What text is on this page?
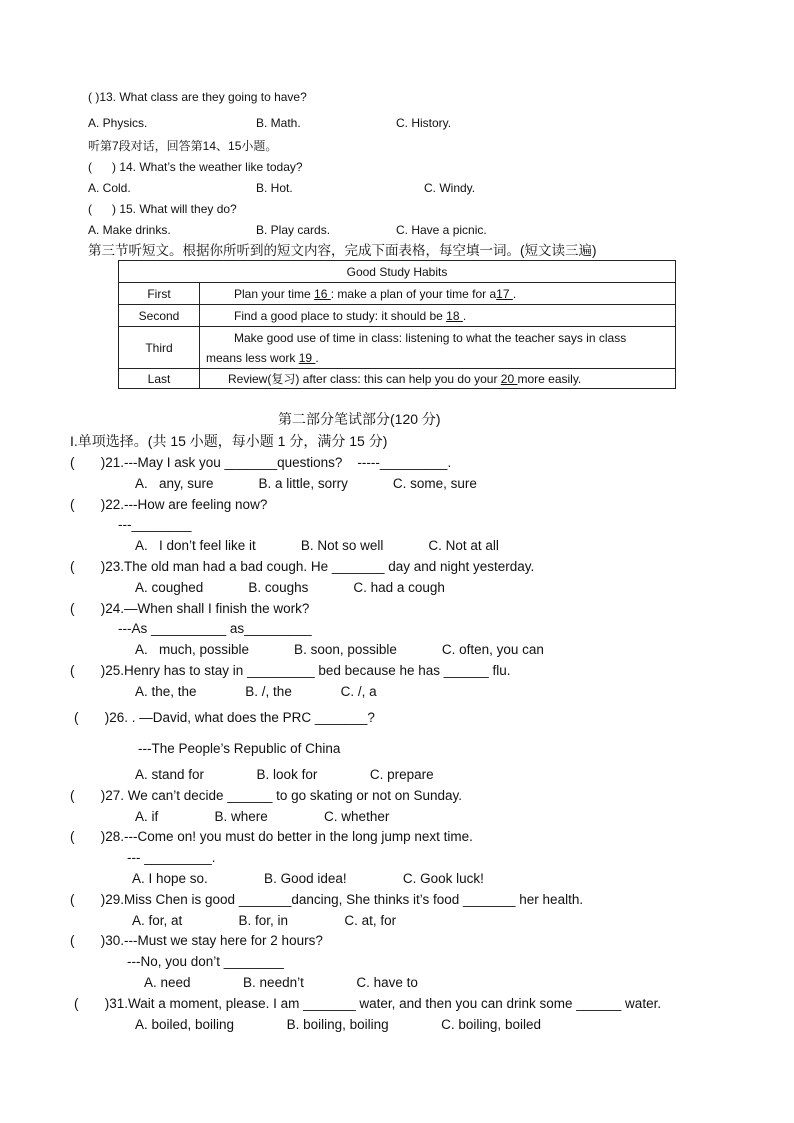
( )13. What class are they going to have?
A. Physics.	B. Math.	C. History.
听第7段对话，回答第14、15小题。
(      ) 14. What’s the weather like today?
A. Cold.	B. Hot.	C. Windy.
(      ) 15. What will they do?
A. Make drinks.	B. Play cards.	C. Have a picnic.
第三节听短文。根据你所听到的短文内容，完成下面表格，每空填一词。(短文读三遍)
Good Study Habits	
First	Plan your time 16 : make a plan of your time for a17 .
Second	Find a good place to study: it should be 18 .
Third	Make good use of time in class: listening to what the teacher says in class
means less work 19 .

Last	Review(复习) after class: this can help you do your 20 more easily.
第二部分笔试部分(120 分)
I.单项选择。(共 15 小题，每小题 1 分，满分 15 分)
(       )21.---May I ask you _______questions?    -----_________.
A.   any, sure            B. a little, sorry            C. some, sure
(       )22.---How are feeling now?
---________
A.   I don’t feel like it            B. Not so well            C. Not at all
(       )23.The old man had a bad cough. He _______ day and night yesterday.
A. coughed            B. coughs            C. had a cough
(       )24.—When shall I finish the work?
---As __________ as_________
A.   much, possible            B. soon, possible            C. often, you can
(       )25.Henry has to stay in _________ bed because he has ______ flu.
A. the, the             B. /, the             C. /, a
(       )26. . —David, what does the PRC _______?
---The People’s Republic of China
A. stand for              B. look for              C. prepare
(       )27. We can’t decide ______ to go skating or not on Sunday.
A. if               B. where               C. whether
(       )28.---Come on! you must do better in the long jump next time.
--- _________.
A. I hope so.               B. Good idea!               C. Gook luck!
(       )29.Miss Chen is good _______dancing, She thinks it’s food _______ her health.
A. for, at               B. for, in               C. at, for
(       )30.---Must we stay here for 2 hours?
---No, you don’t ________
A. need              B. needn’t              C. have to
(       )31.Wait a moment, please. I am _______ water, and then you can drink some ______ water.
A. boiled, boiling              B. boiling, boiling              C. boiling, boiled
